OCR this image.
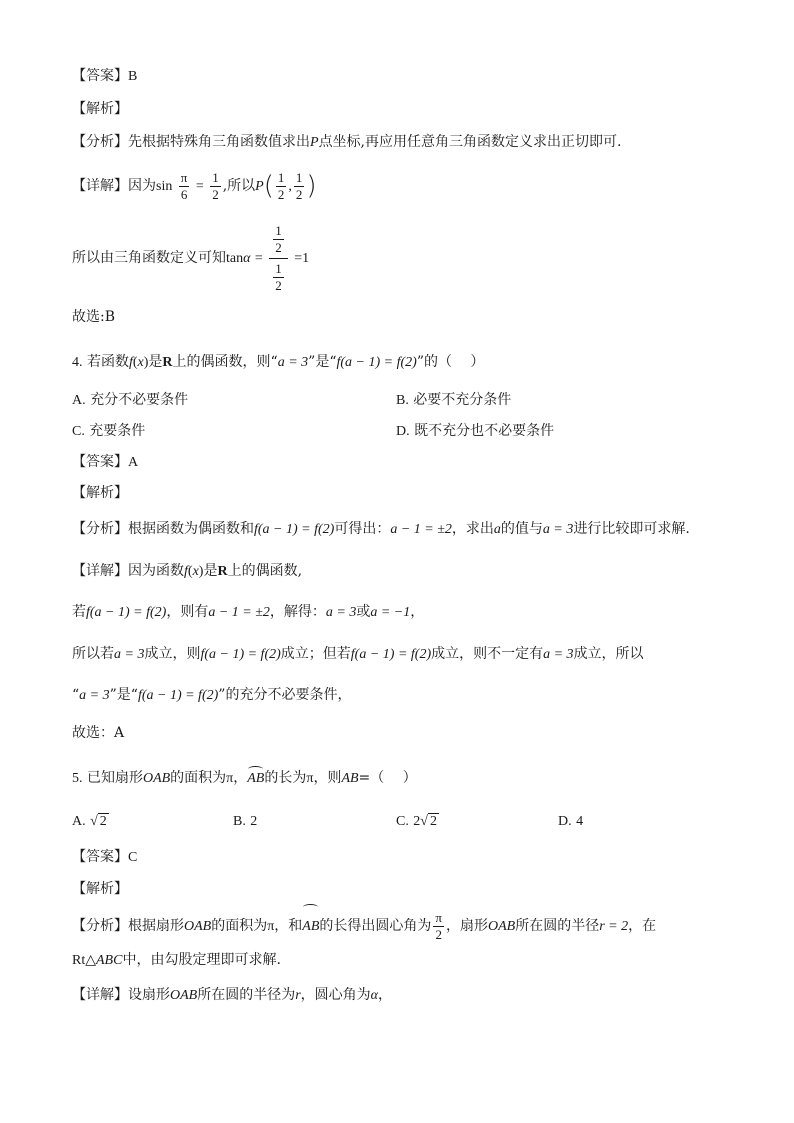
【答案】B
【解析】
【分析】先根据特殊角三角函数值求出P点坐标,再应用任意角三角函数定义求出正切即可.
【详解】因为$\sin \frac{\pi}{6} = \frac{1}{2}$ ,所以$P( \frac{1}{2}$ , $\frac{1}{2}$ )
所以由三角函数定义可知$\tan\alpha = \frac{\frac{1}{2}}{\frac{1}{2}} =1$
故选:B
4. 若函数f(x)是R上的偶函数，则“a = 3”是“f(a − 1) = f(2)”的（　 ）
A. 充分不必要条件	B. 必要不充分条件
C. 充要条件	D. 既不充分也不必要条件
【答案】A
【解析】
【分析】根据函数为偶函数和f(a − 1) = f(2)可得出：a − 1 = ±2，求出a的值与a = 3进行比较即可求解.
【详解】因为函数f(x)是R上的偶函数,
若f(a − 1) = f(2)，则有a − 1 = ±2，解得：a = 3或a = −1，
所以若a = 3成立，则f(a − 1) = f(2)成立；但若f(a − 1) = f(2)成立，则不一定有a = 3成立，所以
“a = 3”是“f(a − 1) = f(2)”的充分不必要条件，
故选：A
5. 已知扇形OAB的面积为π，AB的长为π，则AB=（　 ）
A. √ 2	B. 2	C. 2√ 2	D. 4
【答案】C
【解析】
【分析】根据扇形OAB的面积为π，和AB的长得出圆心角为 $\frac{\pi}{2}$ ，扇形OAB所在圆的半径r = 2，在
Rt△ABC中，由勾股定理即可求解.
【详解】设扇形OAB所在圆的半径为r，圆心角为α，
